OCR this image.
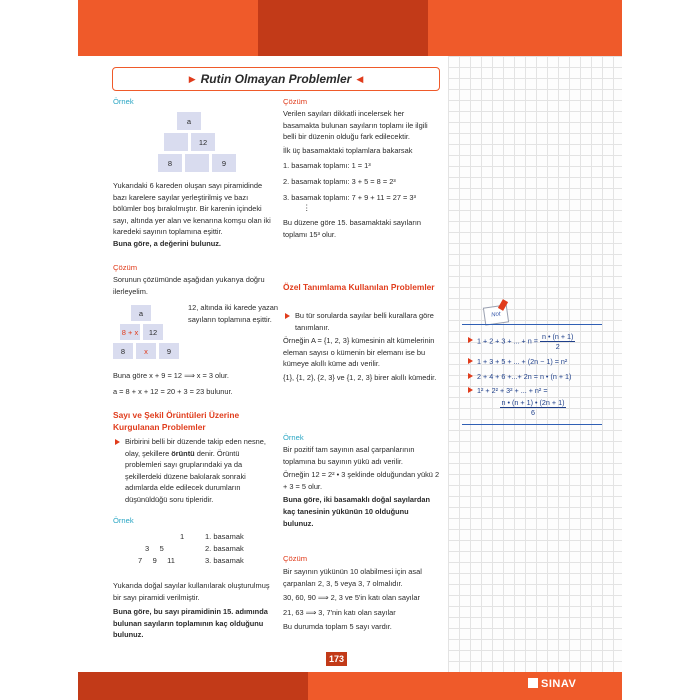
▶ Rutin Olmayan Problemler ◀
Örnek
a
12
8	9

Yukarıdaki 6 kareden oluşan sayı piramidinde bazı karelere sayılar yerleştirilmiş ve bazı bölümler boş bırakılmıştır. Bir karenin içindeki sayı, altında yer alan ve kenarına komşu olan iki karedeki sayının toplamına eşittir.

Buna göre, a değerini bulunuz.

Çözüm

Sorunun çözümünde aşağıdan yukarıya doğru ilerleyelim.

a
8 + x	12
8	x	9

12, altında iki karede yazan sayıların toplamına eşittir.

Buna göre x + 9 = 12 ⟹ x = 3 olur.

a = 8 + x + 12 = 20 + 3 = 23 bulunur.

Sayı ve Şekil Örüntüleri Üzerine Kurgulanan Problemler

Birbirini belli bir düzende takip eden nesne, olay, şekillere örüntü denir. Örüntü problemleri sayı gruplarındaki ya da şekillerdeki düzene bakılarak sonraki adımlarda elde edilecek durumların düşünüldüğü soru tipleridir.

Örnek
1	1. basamak
3     5	2. basamak
7     9     11	3. basamak

Yukarıda doğal sayılar kullanılarak oluşturulmuş bir sayı piramidi verilmiştir.

Buna göre, bu sayı piramidinin 15. adımında bulunan sayıların toplamının kaç olduğunu bulunuz.

Çözüm

Verilen sayıları dikkatli incelersek her basamakta bulunan sayıların toplamı ile ilgili belli bir düzenin olduğu fark edilecektir.

İlk üç basamaktaki toplamlara bakarsak

1. basamak toplamı: 1 = 1³

2. basamak toplamı: 3 + 5 = 8 = 2³

3. basamak toplamı: 7 + 9 + 11 = 27 = 3³

⋮

Bu düzene göre 15. basamaktaki sayıların toplamı 15³ olur.

Özel Tanımlama Kullanılan Problemler

Bu tür sorularda sayılar belli kurallara göre tanımlanır.

Örneğin A = {1, 2, 3} kümesinin alt kümelerinin eleman sayısı o kümenin bir elemanı ise bu kümeye akıllı küme adı verilir.

{1}, {1, 2}, {2, 3} ve {1, 2, 3} birer akıllı kümedir.

Örnek

Bir pozitif tam sayının asal çarpanlarının toplamına bu sayının yükü adı verilir.

Örneğin 12 = 2² • 3 şeklinde olduğundan yükü 2 + 3 = 5 olur.

Buna göre, iki basamaklı doğal sayılardan kaç tanesinin yükünün 10 olduğunu bulunuz.

Çözüm

Bir sayının yükünün 10 olabilmesi için asal çarpanları 2, 3, 5 veya 3, 7 olmalıdır.

30, 60, 90 ⟹ 2, 3 ve 5'in katı olan sayılar

21, 63 ⟹ 3, 7'nin katı olan sayılar

Bu durumda toplam 5 sayı vardır.

Not
1 + 2 + 3 + ... + $n = \frac{n • (n + 1)}{2}$
1 + 3 + 5 + ... + (2n − 1) = n²
2 + 4 + 6 +...+ 2n = n • (n + 1)
1² + 2² + 3² + ... + n² =
$\frac{n • (n + 1) • (2n + 1)}{6}$
173
SINAV
